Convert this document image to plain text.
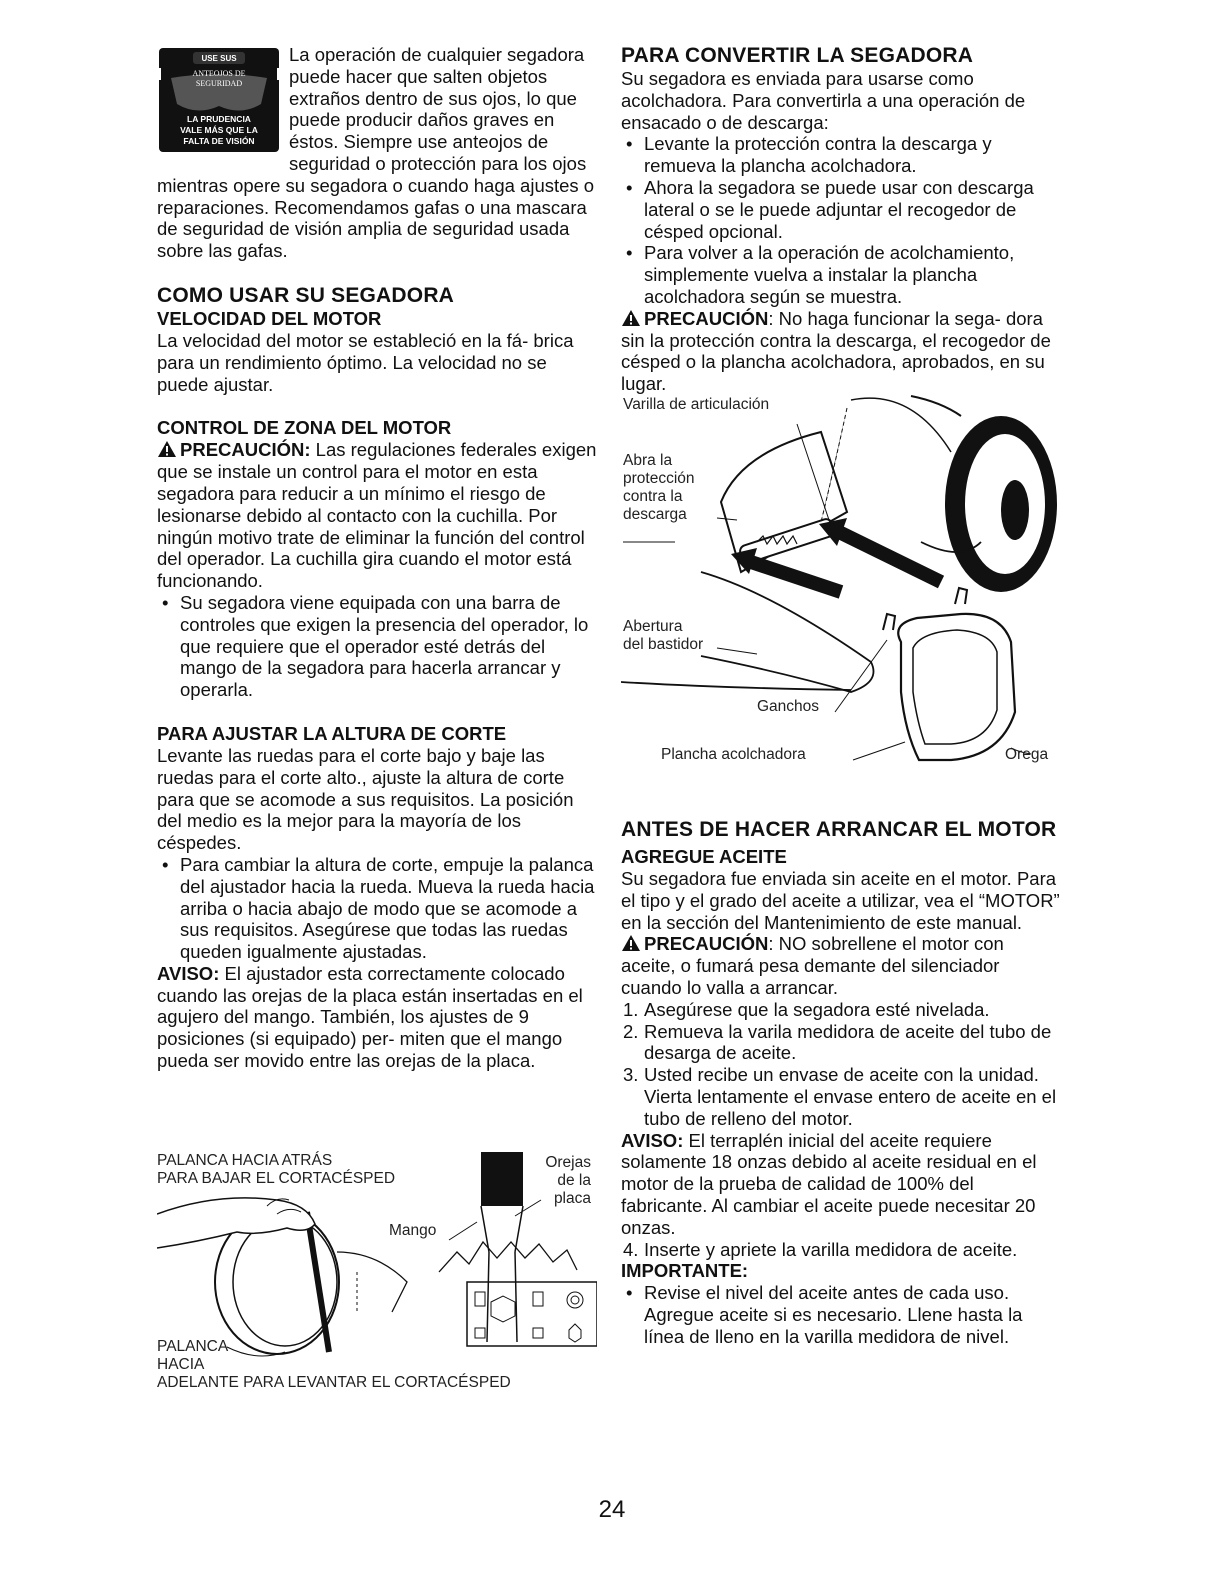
USE SUS
ANTEOJOS DE
SEGURIDAD
LA PRUDENCIA
VALE MÁS QUE LA
FALTA DE VISIÓN

La operación de cualquier segadora puede hacer que salten objetos extraños dentro de sus ojos, lo que puede producir daños graves en éstos. Siempre use anteojos de seguridad o protección para los ojos mientras opere su segadora o cuando haga ajustes o reparaciones. Recomendamos gafas o una mascara de seguridad de visión amplia de seguridad usada sobre las gafas.

COMO USAR SU SEGADORA

VELOCIDAD DEL MOTOR

La velocidad del motor se estableció en la fá- brica para un rendimiento óptimo. La velocidad no se puede ajustar.

CONTROL DE ZONA DEL MOTOR

PRECAUCIÓN: Las regulaciones federales exigen que se instale un control para el motor en esta segadora para reducir a un mínimo el riesgo de lesionarse debido al contacto con la cuchilla. Por ningún motivo trate de eliminar la función del control del operador. La cuchilla gira cuando el motor está funcionando.

• Su segadora viene equipada con una barra de controles que exigen la presencia del operador, lo que requiere que el operador esté detrás del mango de la segadora para hacerla arrancar y operarla.

PARA AJUSTAR LA ALTURA DE CORTE

Levante las ruedas para el corte bajo y baje las ruedas para el corte alto., ajuste la altura de corte para que se acomode a sus requisitos. La posición del medio es la mejor para la mayoría de los céspedes.

• Para cambiar la altura de corte, empuje la palanca del ajustador hacia la rueda. Mueva la rueda hacia arriba o hacia abajo de modo que se acomode a sus requisitos. Asegúrese que todas las ruedas queden igualmente ajustadas.

AVISO: El ajustador esta correctamente colocado cuando las orejas de la placa están insertadas en el agujero del mango. También, los ajustes de 9 posiciones (si equipado) per- miten que el mango pueda ser movido entre las orejas de la placa.

PALANCA HACIA ATRÁS
PARA BAJAR EL CORTACÉSPED
Mango
Orejas
de la
placa
PALANCA
HACIA
ADELANTE PARA LEVANTAR EL CORTACÉSPED

PARA CONVERTIR LA SEGADORA

Su segadora es enviada para usarse como acolchadora. Para convertirla a una operación de ensacado o de descarga:

• Levante la protección contra la descarga y remueva la plancha acolchadora.
• Ahora la segadora se puede usar con descarga lateral o se le puede adjuntar el recogedor de césped opcional.
• Para volver a la operación de acolchamiento, simplemente vuelva a instalar la plancha acolchadora según se muestra.

PRECAUCIÓN: No haga funcionar la sega- dora sin la protección contra la descarga, el recogedor de césped o la plancha acolchadora, aprobados, en su lugar.

Varilla de articulación
Abra la
protección
contra la
descarga
Abertura
del bastidor
Ganchos
Plancha acolchadora	Orega

ANTES DE HACER ARRANCAR EL MOTOR

AGREGUE ACEITE

Su segadora fue enviada sin aceite en el motor. Para el tipo y el grado del aceite a utilizar, vea el “MOTOR” en la sección del Mantenimiento de este manual.

PRECAUCIÓN: NO sobrellene el motor con aceite, o fumará pesa demante del silenciador cuando lo valla a arrancar.

1. Asegúrese que la segadora esté nivelada.
2. Remueva la varila medidora de aceite del tubo de desarga de aceite.
3. Usted recibe un envase de aceite con la unidad. Vierta lentamente el envase entero de aceite en el tubo de relleno del motor.

AVISO: El terraplén inicial del aceite requiere solamente 18 onzas debido al aceite residual en el motor de la prueba de calidad de 100% del fabricante. Al cambiar el aceite puede necesitar 20 onzas.

4. Inserte y apriete la varilla medidora de aceite.

IMPORTANTE:

• Revise el nivel del aceite antes de cada uso. Agregue aceite si es necesario. Llene hasta la línea de lleno en la varilla medidora de nivel.
24
